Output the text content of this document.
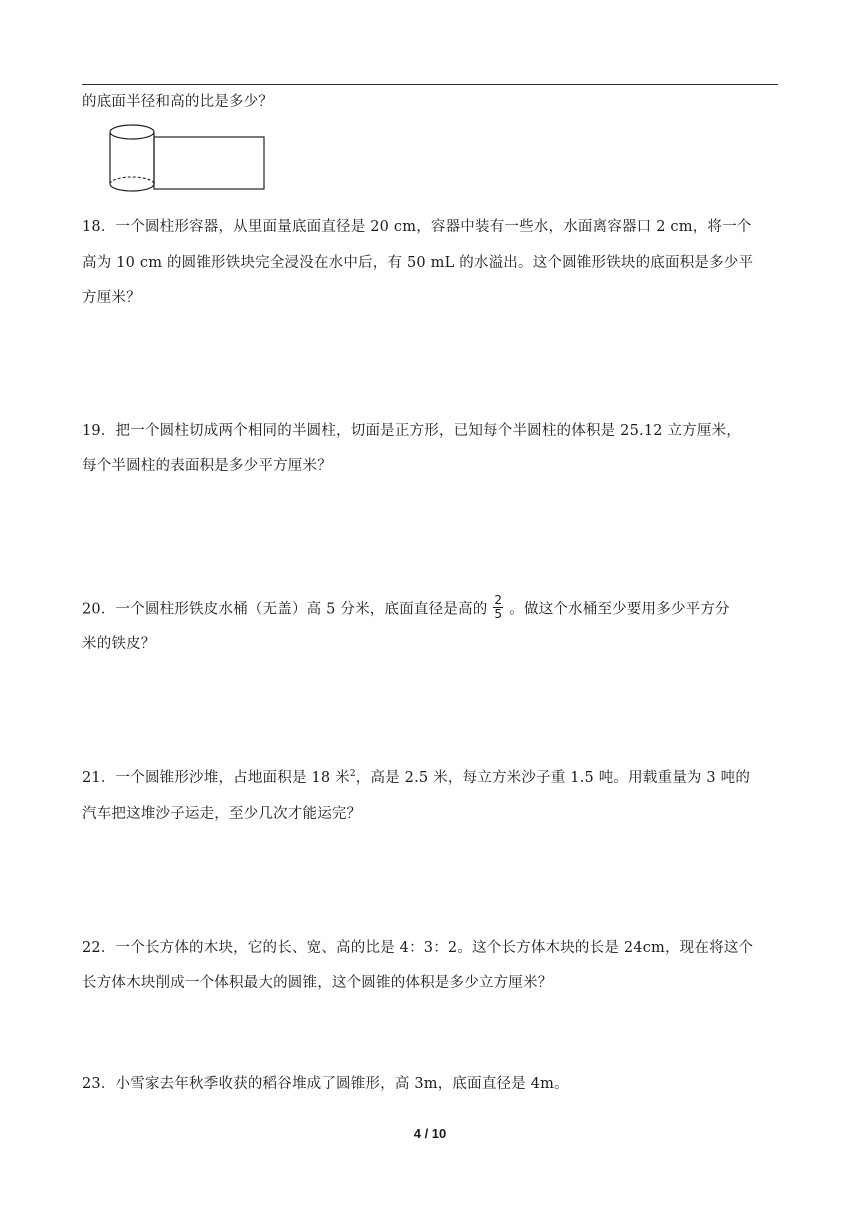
的底面半径和高的比是多少？
18．一个圆柱形容器，从里面量底面直径是 20 cm，容器中装有一些水，水面离容器口 2 cm，将一个
高为 10 cm 的圆锥形铁块完全浸没在水中后，有 50 mL 的水溢出。这个圆锥形铁块的底面积是多少平
方厘米？
19．把一个圆柱切成两个相同的半圆柱，切面是正方形，已知每个半圆柱的体积是 25.12 立方厘米，
每个半圆柱的表面积是多少平方厘米？
20．一个圆柱形铁皮水桶（无盖）高 5 分米，底面直径是高的 $\frac{2}{5}$ 。做这个水桶至少要用多少平方分
米的铁皮？
21．一个圆锥形沙堆，占地面积是 18 米$^2$，高是 2.5 米，每立方米沙子重 1.5 吨。用载重量为 3 吨的
汽车把这堆沙子运走，至少几次才能运完？
22．一个长方体的木块，它的长、宽、高的比是 4：3：2。这个长方体木块的长是 24cm，现在将这个
长方体木块削成一个体积最大的圆锥，这个圆锥的体积是多少立方厘米？
23．小雪家去年秋季收获的稻谷堆成了圆锥形，高 3m，底面直径是 4m。
4 / 10
